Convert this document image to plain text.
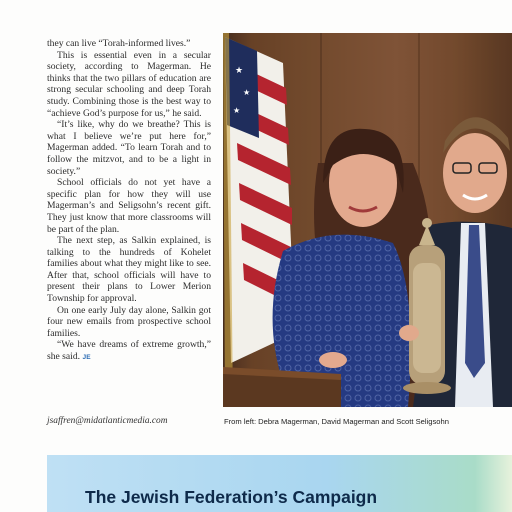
they can live “Torah-informed lives.”

This is essential even in a secular society, according to Magerman. He thinks that the two pillars of education are strong secular schooling and deep Torah study. Combining those is the best way to “achieve God’s purpose for us,” he said.

“It’s like, why do we breathe? This is what I believe we’re put here for,” Magerman added. “To learn Torah and to follow the mitzvot, and to be a light in society.”

School officials do not yet have a specific plan for how they will use Magerman’s and Seligsohn’s recent gift. They just know that more classrooms will be part of the plan.

The next step, as Salkin explained, is talking to the hundreds of Kohelet families about what they might like to see. After that, school officials will have to present their plans to Lower Merion Township for approval.

On one early July day alone, Salkin got four new emails from prospective school families.

“We have dreams of extreme growth,” she said. JE

jsaffren@midatlanticmedia.com
★
★
★
From left: Debra Magerman, David Magerman and Scott Seligsohn
The Jewish Federation’s Campaign
